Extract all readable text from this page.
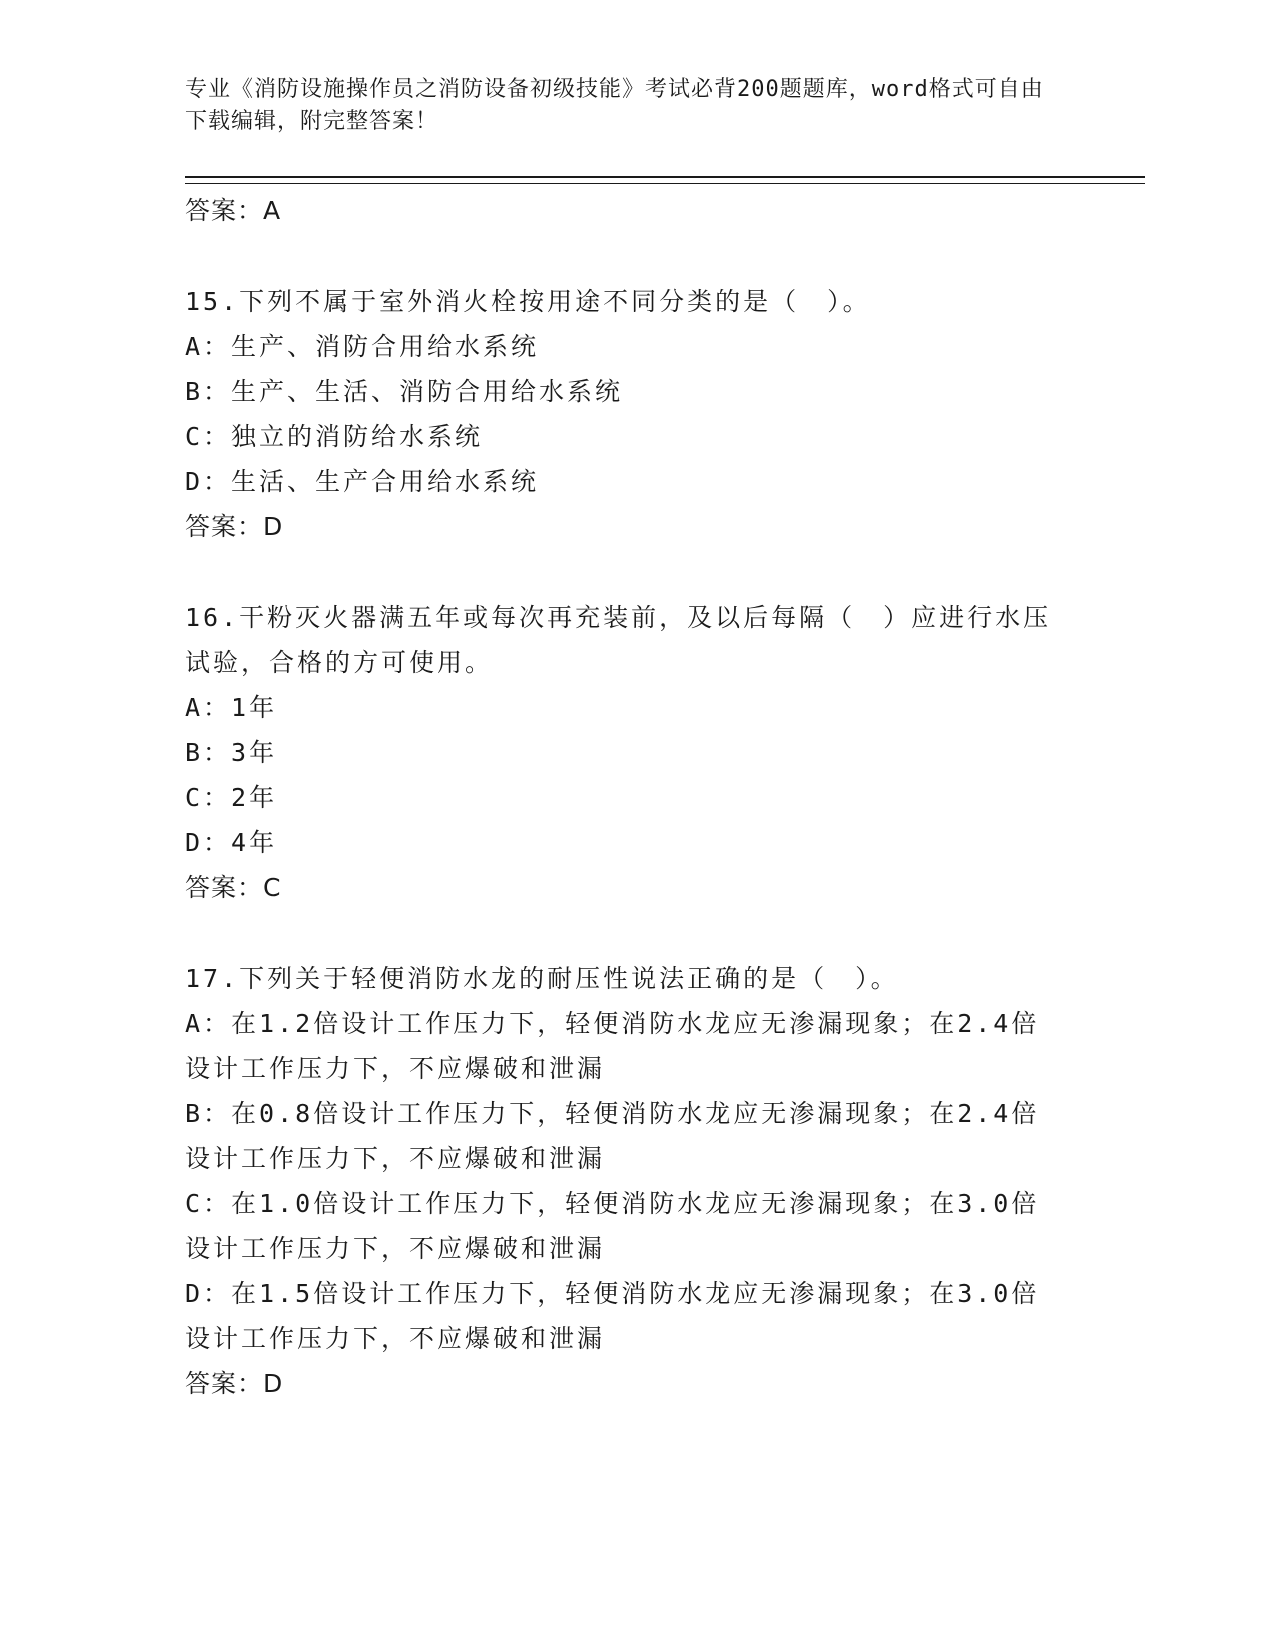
专业《消防设施操作员之消防设备初级技能》考试必背200题题库，word格式可自由下载编辑，附完整答案！
答案：A

15.下列不属于室外消火栓按用途不同分类的是（　）。

A：生产、消防合用给水系统

B：生产、生活、消防合用给水系统

C：独立的消防给水系统

D：生活、生产合用给水系统

答案：D

16.干粉灭火器满五年或每次再充装前，及以后每隔（　）应进行水压试验，合格的方可使用。

A：1年

B：3年

C：2年

D：4年

答案：C

17.下列关于轻便消防水龙的耐压性说法正确的是（　）。

A：在1.2倍设计工作压力下，轻便消防水龙应无渗漏现象；在2.4倍设计工作压力下，不应爆破和泄漏

B：在0.8倍设计工作压力下，轻便消防水龙应无渗漏现象；在2.4倍设计工作压力下，不应爆破和泄漏

C：在1.0倍设计工作压力下，轻便消防水龙应无渗漏现象；在3.0倍设计工作压力下，不应爆破和泄漏

D：在1.5倍设计工作压力下，轻便消防水龙应无渗漏现象；在3.0倍设计工作压力下，不应爆破和泄漏

答案：D
